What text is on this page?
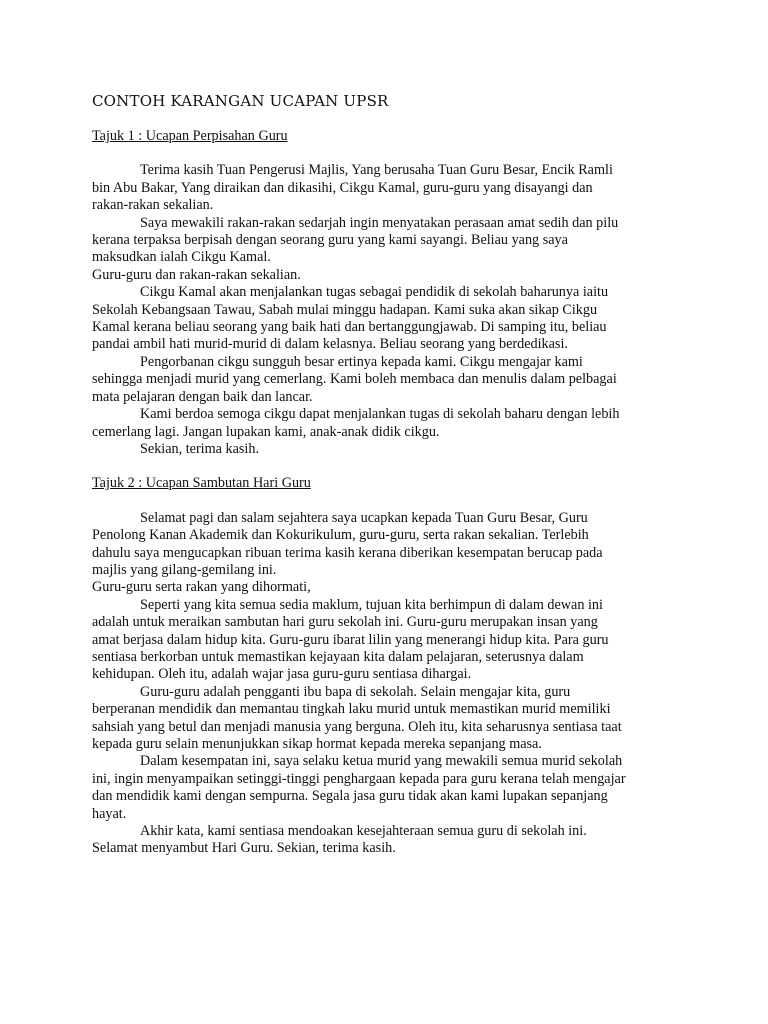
CONTOH KARANGAN UCAPAN UPSR
Tajuk 1 : Ucapan Perpisahan Guru
Terima kasih Tuan Pengerusi Majlis, Yang berusaha Tuan Guru Besar, Encik Ramli
bin Abu Bakar, Yang diraikan dan dikasihi, Cikgu Kamal, guru-guru yang disayangi dan
rakan-rakan sekalian.
Saya mewakili rakan-rakan sedarjah ingin menyatakan perasaan amat sedih dan pilu
kerana terpaksa berpisah dengan seorang guru yang kami sayangi. Beliau yang saya
maksudkan ialah Cikgu Kamal.
Guru-guru dan rakan-rakan sekalian.
Cikgu Kamal akan menjalankan tugas sebagai pendidik di sekolah baharunya iaitu
Sekolah Kebangsaan Tawau, Sabah mulai minggu hadapan. Kami suka akan sikap Cikgu
Kamal kerana beliau seorang yang baik hati dan bertanggungjawab. Di samping itu, beliau
pandai ambil hati murid-murid di dalam kelasnya. Beliau seorang yang berdedikasi.
Pengorbanan cikgu sungguh besar ertinya kepada kami. Cikgu mengajar kami
sehingga menjadi murid yang cemerlang. Kami boleh membaca dan menulis dalam pelbagai
mata pelajaran dengan baik dan lancar.
Kami berdoa semoga cikgu dapat menjalankan tugas di sekolah baharu dengan lebih
cemerlang lagi. Jangan lupakan kami, anak-anak didik cikgu.
Sekian, terima kasih.
Tajuk 2 : Ucapan Sambutan Hari Guru
Selamat pagi dan salam sejahtera saya ucapkan kepada Tuan Guru Besar, Guru
Penolong Kanan Akademik dan Kokurikulum, guru-guru, serta rakan sekalian. Terlebih
dahulu saya mengucapkan ribuan terima kasih kerana diberikan kesempatan berucap pada
majlis yang gilang-gemilang ini.
Guru-guru serta rakan yang dihormati,
Seperti yang kita semua sedia maklum, tujuan kita berhimpun di dalam dewan ini
adalah untuk meraikan sambutan hari guru sekolah ini. Guru-guru merupakan insan yang
amat berjasa dalam hidup kita. Guru-guru ibarat lilin yang menerangi hidup kita. Para guru
sentiasa berkorban untuk memastikan kejayaan kita dalam pelajaran, seterusnya dalam
kehidupan. Oleh itu, adalah wajar jasa guru-guru sentiasa dihargai.
Guru-guru adalah pengganti ibu bapa di sekolah. Selain mengajar kita, guru
berperanan mendidik dan memantau tingkah laku murid untuk memastikan murid memiliki
sahsiah yang betul dan menjadi manusia yang berguna. Oleh itu, kita seharusnya sentiasa taat
kepada guru selain menunjukkan sikap hormat kepada mereka sepanjang masa.
Dalam kesempatan ini, saya selaku ketua murid yang mewakili semua murid sekolah
ini, ingin menyampaikan setinggi-tinggi penghargaan kepada para guru kerana telah mengajar
dan mendidik kami dengan sempurna. Segala jasa guru tidak akan kami lupakan sepanjang
hayat.
Akhir kata, kami sentiasa mendoakan kesejahteraan semua guru di sekolah ini.
Selamat menyambut Hari Guru. Sekian, terima kasih.
